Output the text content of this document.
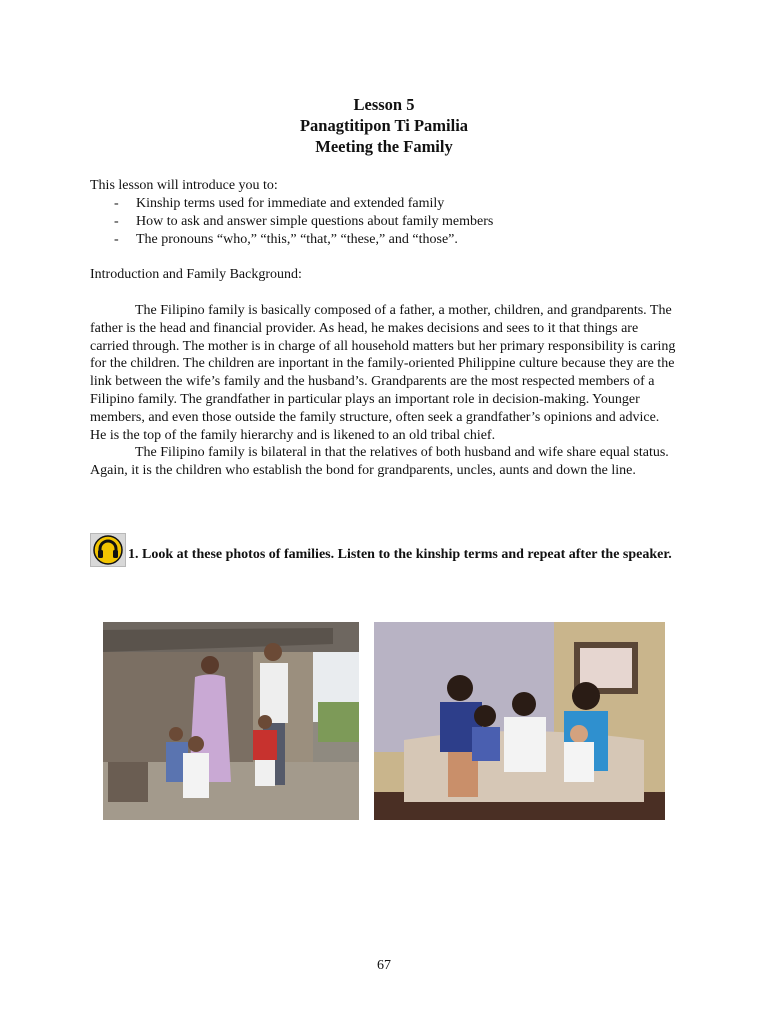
Lesson 5
Panagtitipon Ti Pamilia
Meeting the Family
This lesson will introduce you to:
- Kinship terms used for immediate and extended family
- How to ask and answer simple questions about family members
- The pronouns “who,” “this,” “that,” “these,” and “those”.
Introduction and Family Background:

The Filipino family is basically composed of a father, a mother, children, and grandparents. The father is the head and financial provider. As head, he makes decisions and sees to it that things are carried through. The mother is in charge of all household matters but her primary responsibility is caring for the children. The children are inportant in the family-oriented Philippine culture because they are the link between the wife’s family and the husband’s. Grandparents are the most respected members of a Filipino family. The grandfather in particular plays an important role in decision-making. Younger members, and even those outside the family structure, often seek a grandfather’s opinions and advice. He is the top of the family hierarchy and is likened to an old tribal chief.

The Filipino family is bilateral in that the relatives of both husband and wife share equal status. Again, it is the children who establish the bond for grandparents, uncles, aunts and down the line.

1. Look at these photos of families. Listen to the kinship terms and repeat after the speaker.
67
